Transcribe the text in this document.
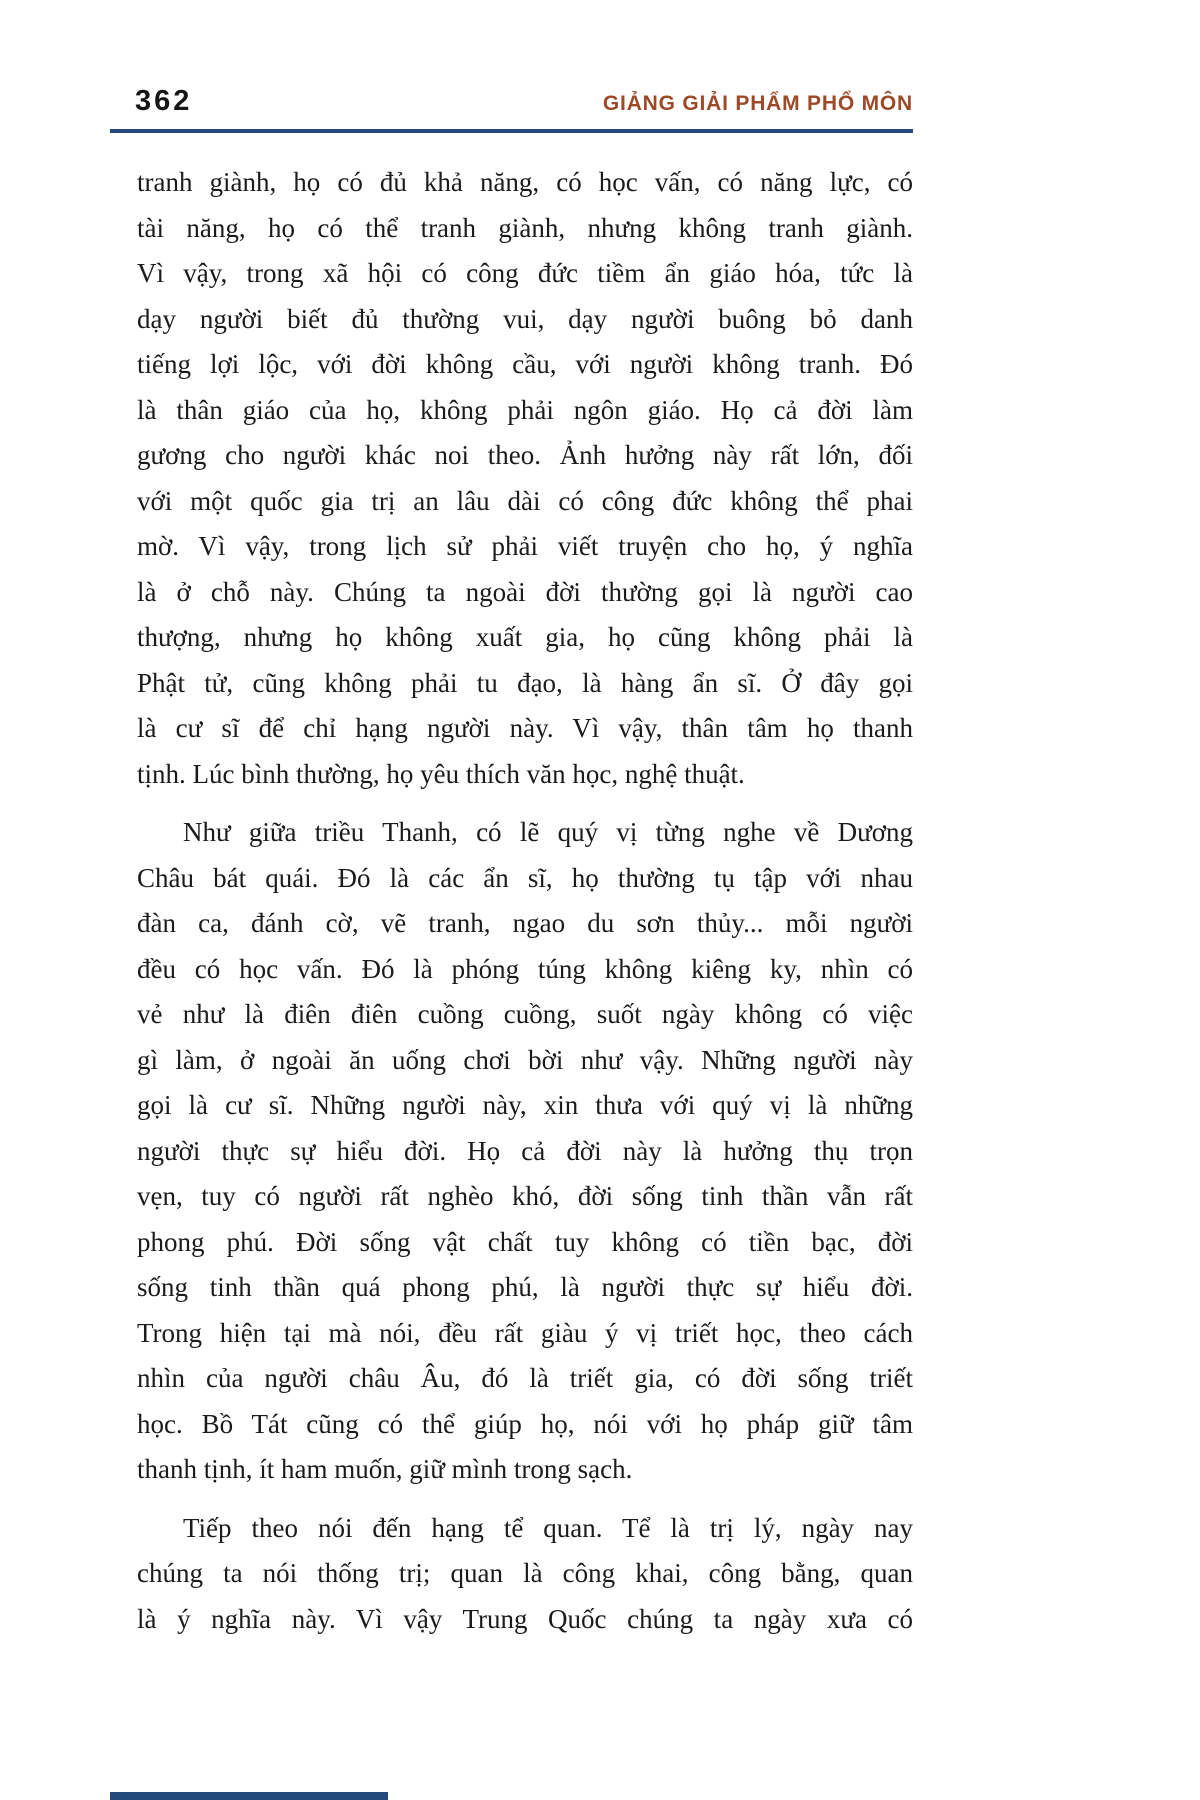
362	GIẢNG GIẢI PHẨM PHỔ MÔN
tranh giành, họ có đủ khả năng, có học vấn, có năng lực, có
tài năng, họ có thể tranh giành, nhưng không tranh giành.
Vì vậy, trong xã hội có công đức tiềm ẩn giáo hóa, tức là
dạy người biết đủ thường vui, dạy người buông bỏ danh
tiếng lợi lộc, với đời không cầu, với người không tranh. Đó
là thân giáo của họ, không phải ngôn giáo. Họ cả đời làm
gương cho người khác noi theo. Ảnh hưởng này rất lớn, đối
với một quốc gia trị an lâu dài có công đức không thể phai
mờ. Vì vậy, trong lịch sử phải viết truyện cho họ, ý nghĩa
là ở chỗ này. Chúng ta ngoài đời thường gọi là người cao
thượng, nhưng họ không xuất gia, họ cũng không phải là
Phật tử, cũng không phải tu đạo, là hàng ẩn sĩ. Ở đây gọi
là cư sĩ để chỉ hạng người này. Vì vậy, thân tâm họ thanh
tịnh. Lúc bình thường, họ yêu thích văn học, nghệ thuật.
Như giữa triều Thanh, có lẽ quý vị từng nghe về Dương
Châu bát quái. Đó là các ẩn sĩ, họ thường tụ tập với nhau
đàn ca, đánh cờ, vẽ tranh, ngao du sơn thủy... mỗi người
đều có học vấn. Đó là phóng túng không kiêng ky, nhìn có
vẻ như là điên điên cuồng cuồng, suốt ngày không có việc
gì làm, ở ngoài ăn uống chơi bời như vậy. Những người này
gọi là cư sĩ. Những người này, xin thưa với quý vị là những
người thực sự hiểu đời. Họ cả đời này là hưởng thụ trọn
vẹn, tuy có người rất nghèo khó, đời sống tinh thần vẫn rất
phong phú. Đời sống vật chất tuy không có tiền bạc, đời
sống tinh thần quá phong phú, là người thực sự hiểu đời.
Trong hiện tại mà nói, đều rất giàu ý vị triết học, theo cách
nhìn của người châu Âu, đó là triết gia, có đời sống triết
học. Bồ Tát cũng có thể giúp họ, nói với họ pháp giữ tâm
thanh tịnh, ít ham muốn, giữ mình trong sạch.
Tiếp theo nói đến hạng tể quan. Tể là trị lý, ngày nay
chúng ta nói thống trị; quan là công khai, công bằng, quan
là ý nghĩa này. Vì vậy Trung Quốc chúng ta ngày xưa có
